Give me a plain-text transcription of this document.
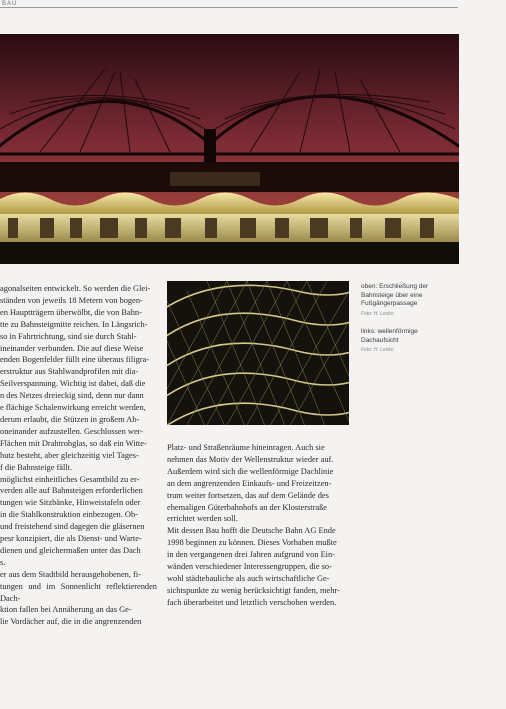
BAU

agonalseiten entwickelt. So werden die Glei-

ständen von jeweils 18 Metern von bogen-

en Hauptträgern überwölbt, die von Bahn-

tte zu Bahnsteigmitte reichen. In Längsrich-

so in Fahrtrichtung, sind sie durch Stahl-

ineinander verbunden. Die auf diese Weise

enden Bogenfelder füllt eine überaus filigra-

erstruktur aus Stahlwandprofilen mit dia-

Seilverspannung. Wichtig ist dabei, daß die

n des Netzes dreieckig sind, denn nur dann

e flächige Schalenwirkung erreicht werden,

derum erlaubt, die Stützen in großem Ab-

oneinander aufzustellen. Geschlossen wer-

Flächen mit Drahtrohglas, so daß ein Witte-

hutz besteht, aber gleichzeitig viel Tages-

f die Bahnsteige fällt.

möglichst einheitliches Gesamtbild zu er-

verden alle auf Bahnsteigen erforderlichen

tungen wie Sitzbänke, Hinweistafeln oder

in die Stahlkonstruktion einbezogen. Ob-

und freistehend sind dagegen die gläsernen

pesr konzipiert, die als Dienst- und Warte-

dienen und gleichermaßen unter das Dach

s.

er aus dem Stadtbild herausgehobenen, fi-

tungen und im Sonnenlicht reflektierenden Dach-

ktion fallen bei Annäherung an das Ge-

lie Vordächer auf, die in die angrenzenden

Platz- und Straßenräume hineinragen. Auch sie

nehmen das Motiv der Wellenstruktur wieder auf.

Außerdem wird sich die wellenförmige Dachlinie

an dem angrenzenden Einkaufs- und Freizeitzen-

trum weiter fortsetzen, das auf dem Gelände des

ehemaligen Güterbahnhofs an der Klosterstraße

errichtet werden soll.

Mit dessen Bau hofft die Deutsche Bahn AG Ende

1998 beginnen zu können. Dieses Vorhaben mußte

in den vergangenen drei Jahren aufgrund von Ein-

wänden verschiedener Interessengruppen, die so-

wohl städtebauliche als auch wirtschaftliche Ge-

sichtspunkte zu wenig berücksichtigt fanden, mehr-

fach überarbeitet und letztlich verschoben werden.

oben: Erschließung der Bahnsteige über eine Fußgängerpassage
Foto: H. Lesko
links: wellenförmige Dachaufsicht
Foto: H. Lesko
